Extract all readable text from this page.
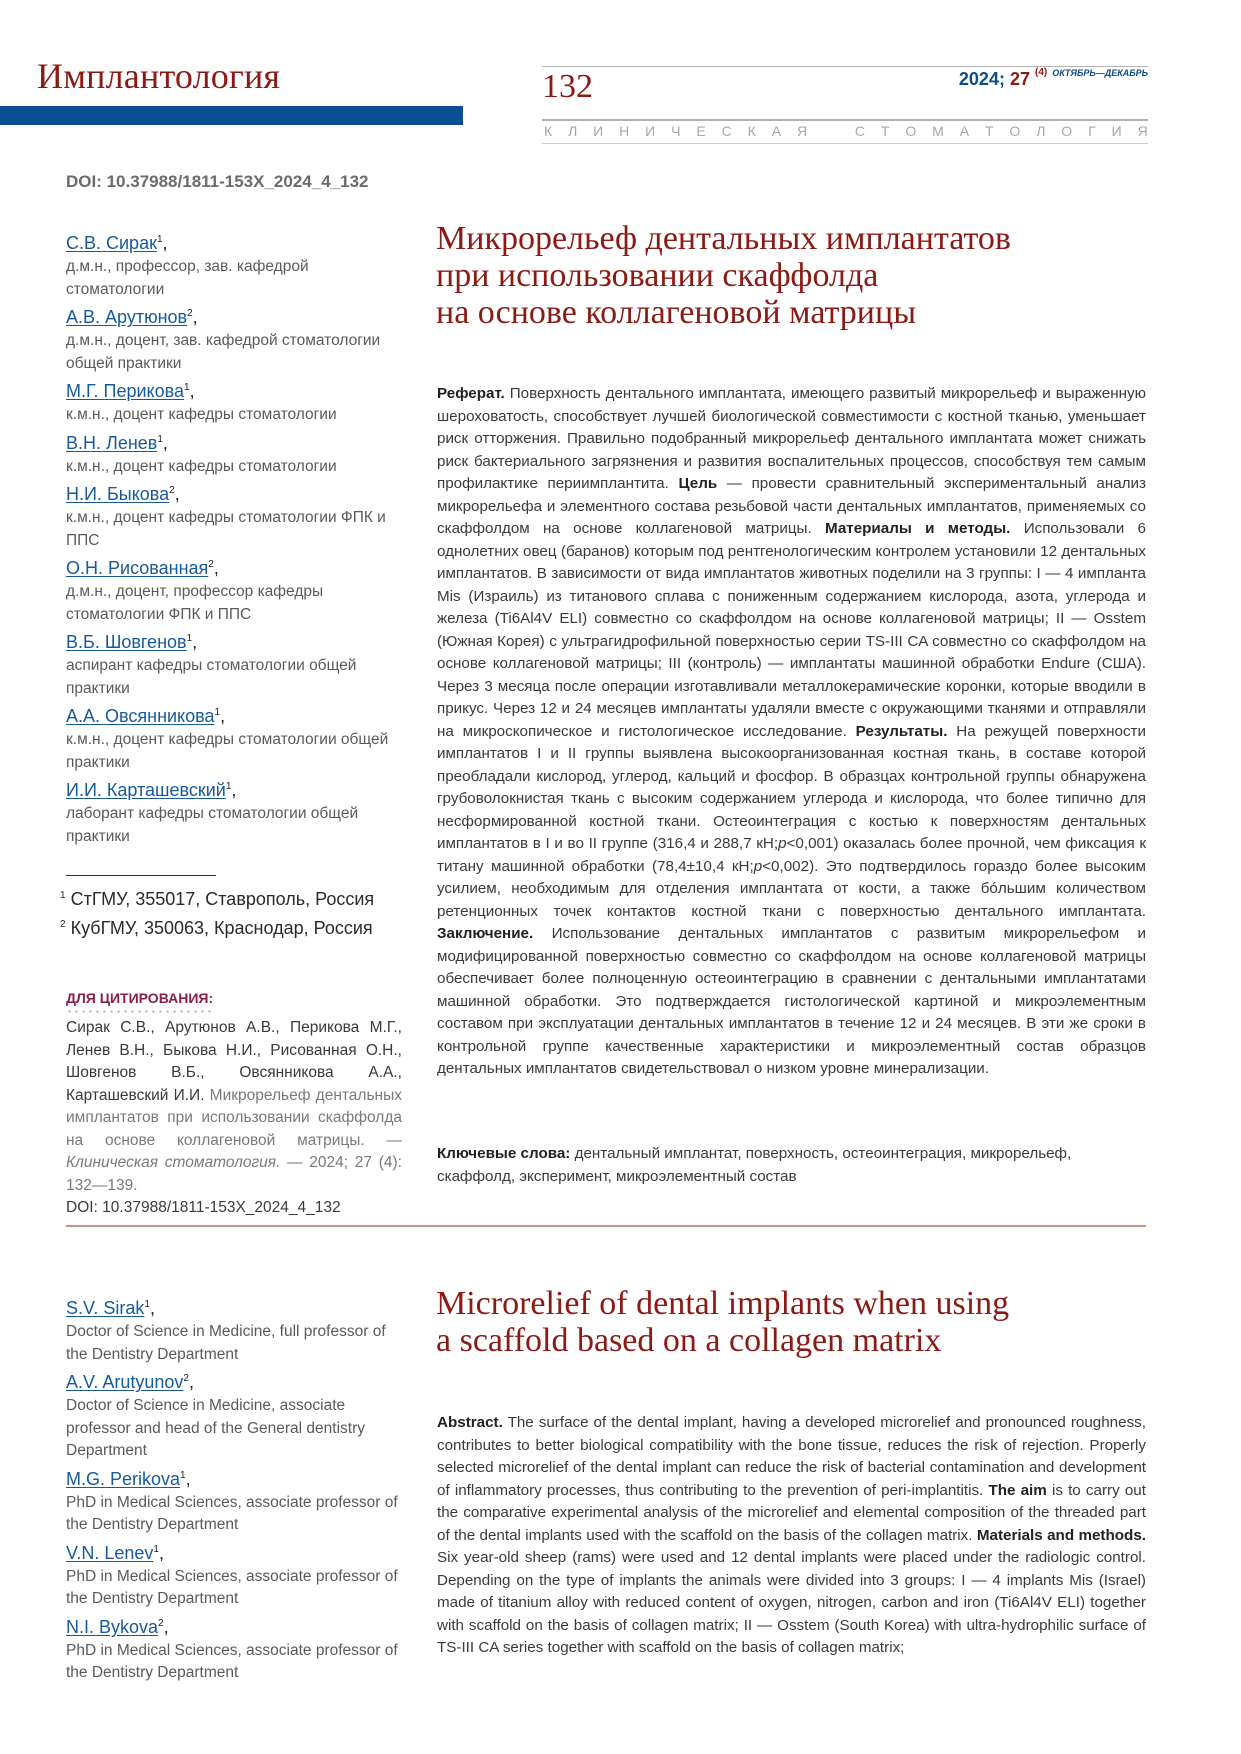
Имплантология	132	2024; 27 $^{(4)}$ $^{ОКТЯБРЬ—ДЕКАБРЬ}$
К Л И Н И Ч Е С К А Я	С Т О М А Т О Л О Г И Я
DOI: 10.37988/1811-153X_2024_4_132
С.В. Сирак$^1$,
д.м.н., профессор, зав. кафедрой стоматологии
А.В. Арутюнов$^2$,
д.м.н., доцент, зав. кафедрой стоматологии общей практики
М.Г. Перикова$^1$,
к.м.н., доцент кафедры стоматологии
В.Н. Ленев$^1$,
к.м.н., доцент кафедры стоматологии
Н.И. Быкова$^2$,
к.м.н., доцент кафедры стоматологии ФПК и ППС
О.Н. Рисованная$^2$,
д.м.н., доцент, профессор кафедры стоматологии ФПК и ППС
В.Б. Шовгенов$^1$,
аспирант кафедры стоматологии общей практики
А.А. Овсянникова$^1$,
к.м.н., доцент кафедры стоматологии общей практики
И.И. Карташевский$^1$,
лаборант кафедры стоматологии общей практики
$^1$ СтГМУ, 355017, Ставрополь, Россия
$^2$ КубГМУ, 350063, Краснодар, Россия
ДЛЯ ЦИТИРОВАНИЯ:
Сирак С.В., Арутюнов А.В., Перикова М.Г., Ленев В.Н., Быкова Н.И., Рисованная О.Н., Шовгенов В.Б., Овсянникова А.А., Карташевский И.И. Микрорельеф дентальных имплантатов при использовании скаффолда на основе коллагеновой матрицы. — Клиническая стоматология. — 2024; 27 (4): 132—139.
DOI: 10.37988/1811-153X_2024_4_132
Микрорельеф дентальных имплантатов
при использовании скаффолда
на основе коллагеновой матрицы
Реферат. Поверхность дентального имплантата, имеющего развитый микрорельеф и выраженную шероховатость, способствует лучшей биологической совместимости с костной тканью, уменьшает риск отторжения. Правильно подобранный микрорельеф дентального имплантата может снижать риск бактериального загрязнения и развития воспалительных процессов, способствуя тем самым профилактике периимплантита. Цель — провести сравнительный экспериментальный анализ микрорельефа и элементного состава резьбовой части дентальных имплантатов, применяемых со скаффолдом на основе коллагеновой матрицы. Материалы и методы. Использовали 6 однолетних овец (баранов) которым под рентгенологическим контролем установили 12 дентальных имплантатов. В зависимости от вида имплантатов животных поделили на 3 группы: I — 4 импланта Mis (Израиль) из титанового сплава с пониженным содержанием кислорода, азота, углерода и железа (Ti6Al4V ELI) совместно со скаффолдом на основе коллагеновой матрицы; II — Osstem (Южная Корея) с ультрагидрофильной поверхностью серии TS-III CA совместно со скаффолдом на основе коллагеновой матрицы; III (контроль) — имплантаты машинной обработки Endure (США). Через 3 месяца после операции изготавливали металлокерамические коронки, которые вводили в прикус. Через 12 и 24 месяцев имплантаты удаляли вместе с окружающими тканями и отправляли на микроскопическое и гистологическое исследование. Результаты. На режущей поверхности имплантатов I и II группы выявлена высокоорганизованная костная ткань, в составе которой преобладали кислород, углерод, кальций и фосфор. В образцах контрольной группы обнаружена грубоволокнистая ткань с высоким содержанием углерода и кислорода, что более типично для несформированной костной ткани. Остеоинтеграция с костью к поверхностям дентальных имплантатов в I и во II группе (316,4 и 288,7 кН;p<0,001) оказалась более прочной, чем фиксация к титану машинной обработки (78,4±10,4 кН;p<0,002). Это подтвердилось гораздо более высоким усилием, необходимым для отделения имплантата от кости, а также бóльшим количеством ретенционных точек контактов костной ткани с поверхностью дентального имплантата. Заключение. Использование дентальных имплантатов с развитым микрорельефом и модифицированной поверхностью совместно со скаффолдом на основе коллагеновой матрицы обеспечивает более полноценную остеоинтеграцию в сравнении с дентальными имплантатами машинной обработки. Это подтверждается гистологической картиной и микроэлементным составом при эксплуатации дентальных имплантатов в течение 12 и 24 месяцев. В эти же сроки в контрольной группе качественные характеристики и микроэлементный состав образцов дентальных имплантатов свидетельствовал о низком уровне минерализации.
Ключевые слова: дентальный имплантат, поверхность, остеоинтеграция, микрорельеф, скаффолд, эксперимент, микроэлементный состав
S.V. Sirak$^1$,
Doctor of Science in Medicine, full professor of the Dentistry Department
A.V. Arutyunov$^2$,
Doctor of Science in Medicine, associate professor and head of the General dentistry Department
M.G. Perikova$^1$,
PhD in Medical Sciences, associate professor of the Dentistry Department
V.N. Lenev$^1$,
PhD in Medical Sciences, associate professor of the Dentistry Department
N.I. Bykova$^2$,
PhD in Medical Sciences, associate professor of the Dentistry Department
Microrelief of dental implants when using
a scaffold based on a collagen matrix
Abstract. The surface of the dental implant, having a developed microrelief and pronounced roughness, contributes to better biological compatibility with the bone tissue, reduces the risk of rejection. Properly selected microrelief of the dental implant can reduce the risk of bacterial contamination and development of inflammatory processes, thus contributing to the prevention of peri-implantitis. The aim is to carry out the comparative experimental analysis of the microrelief and elemental composition of the threaded part of the dental implants used with the scaffold on the basis of the collagen matrix. Materials and methods. Six year-old sheep (rams) were used and 12 dental implants were placed under the radiologic control. Depending on the type of implants the animals were divided into 3 groups: I — 4 implants Mis (Israel) made of titanium alloy with reduced content of oxygen, nitrogen, carbon and iron (Ti6Al4V ELI) together with scaffold on the basis of collagen matrix; II — Osstem (South Korea) with ultra-hydrophilic surface of TS-III CA series together with scaffold on the basis of collagen matrix;
